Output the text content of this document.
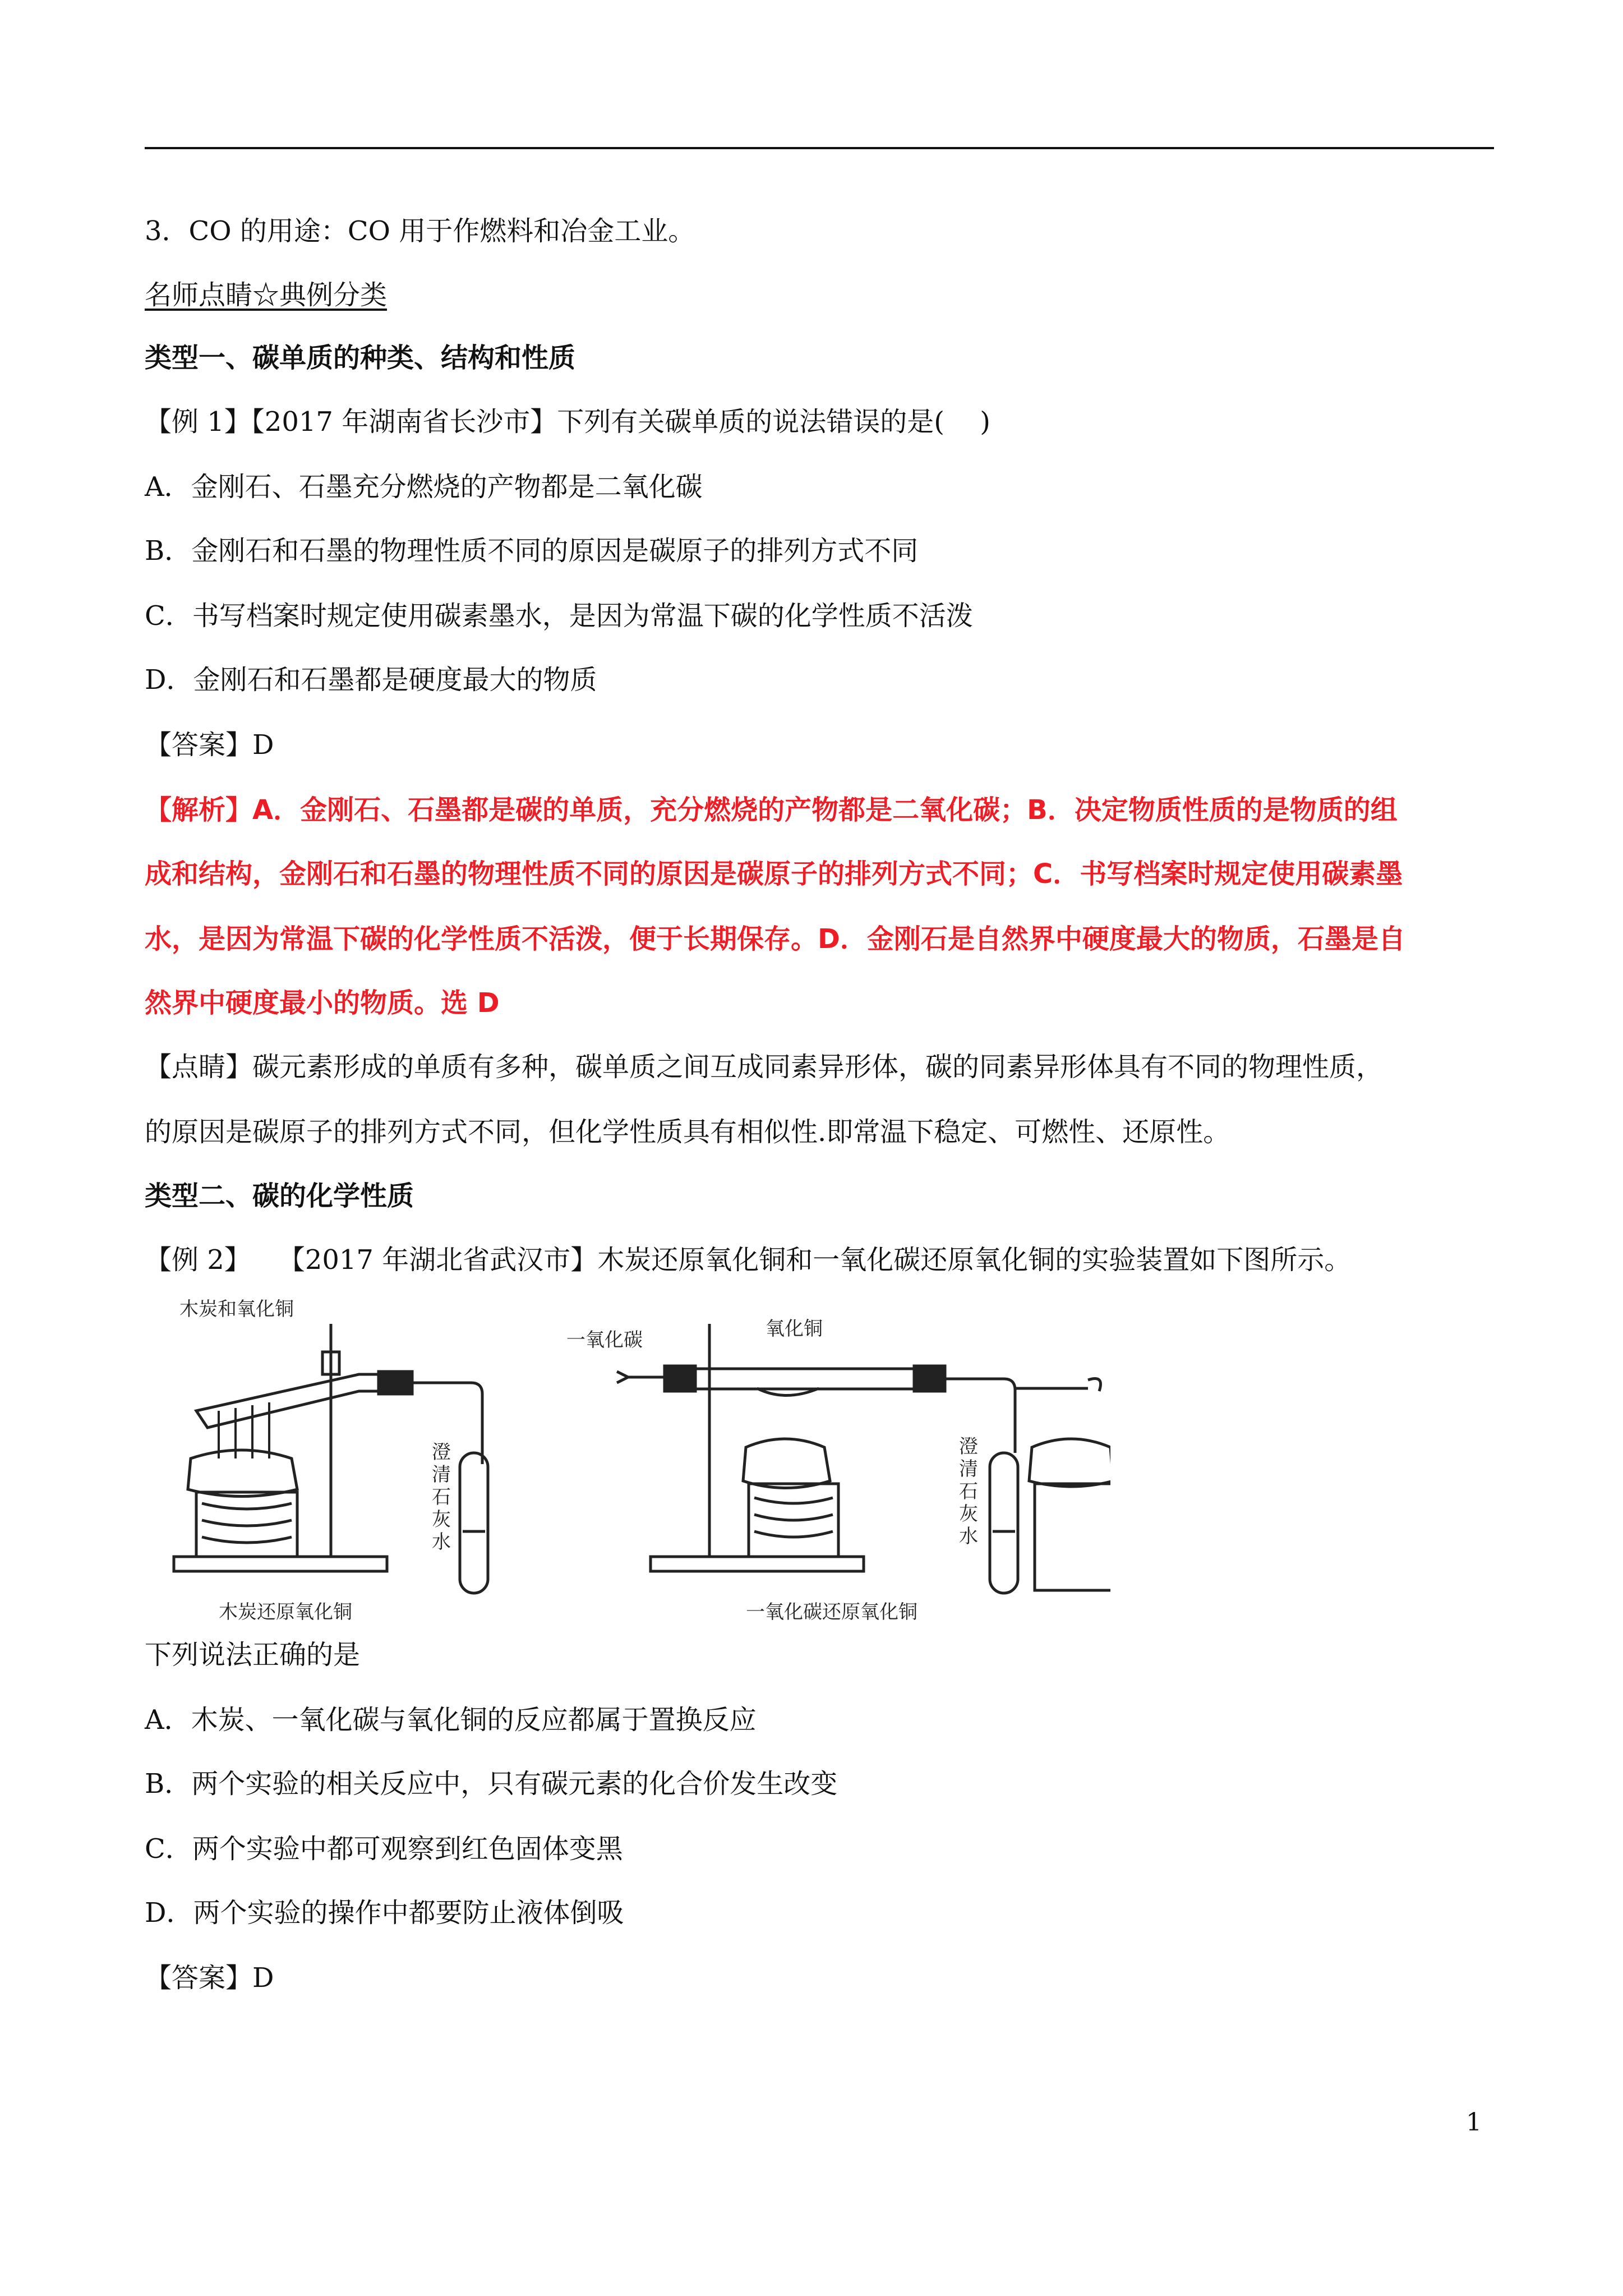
3．CO 的用途：CO 用于作燃料和冶金工业。
名师点睛☆典例分类
类型一、碳单质的种类、结构和性质
【例 1】【2017 年湖南省长沙市】下列有关碳单质的说法错误的是(　 )
A．金刚石、石墨充分燃烧的产物都是二氧化碳
B．金刚石和石墨的物理性质不同的原因是碳原子的排列方式不同
C．书写档案时规定使用碳素墨水，是因为常温下碳的化学性质不活泼
D．金刚石和石墨都是硬度最大的物质
【答案】D
【解析】A．金刚石、石墨都是碳的单质，充分燃烧的产物都是二氧化碳；B．决定物质性质的是物质的组
成和结构，金刚石和石墨的物理性质不同的原因是碳原子的排列方式不同；C．书写档案时规定使用碳素墨
水，是因为常温下碳的化学性质不活泼，便于长期保存。D．金刚石是自然界中硬度最大的物质，石墨是自
然界中硬度最小的物质。选 D
【点睛】碳元素形成的单质有多种，碳单质之间互成同素异形体，碳的同素异形体具有不同的物理性质，
的原因是碳原子的排列方式不同，但化学性质具有相似性.即常温下稳定、可燃性、还原性。
类型二、碳的化学性质
【例 2】 【2017 年湖北省武汉市】木炭还原氧化铜和一氧化碳还原氧化铜的实验装置如下图所示。
木炭和氧化铜
木炭还原氧化铜
一氧化碳	氧化铜
一氧化碳还原氧化铜
澄清石灰水
澄清石灰水
下列说法正确的是
A．木炭、一氧化碳与氧化铜的反应都属于置换反应
B．两个实验的相关反应中，只有碳元素的化合价发生改变
C．两个实验中都可观察到红色固体变黑
D．两个实验的操作中都要防止液体倒吸
【答案】D
1
